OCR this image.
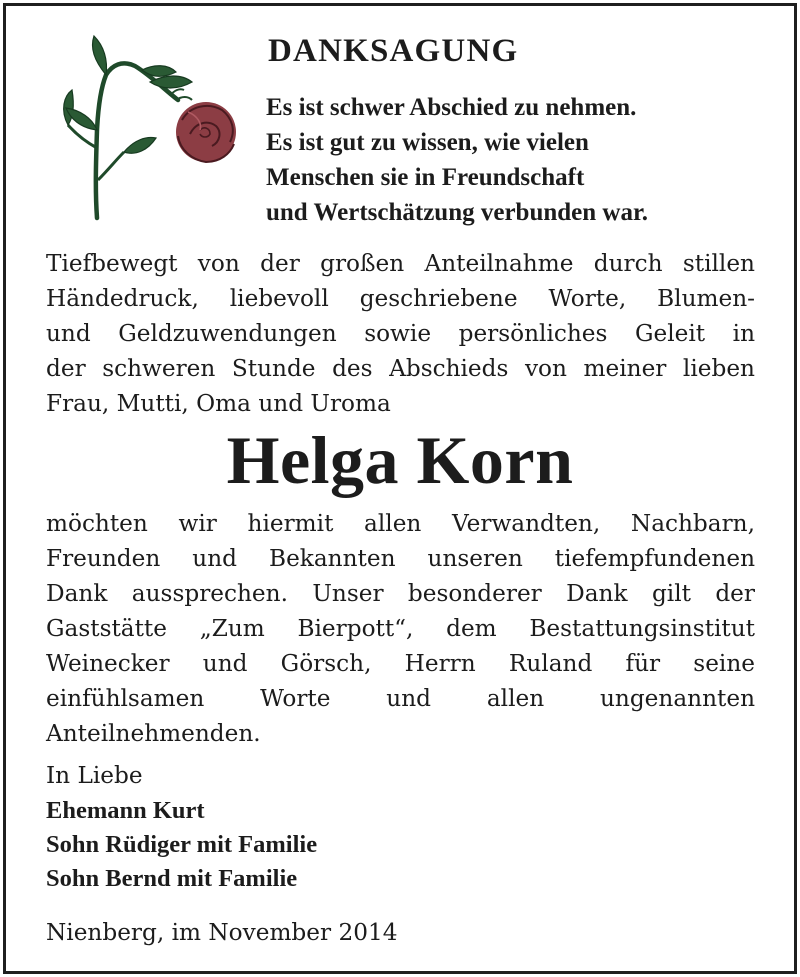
DANKSAGUNG
Es ist schwer Abschied zu nehmen.
Es ist gut zu wissen, wie vielen
Menschen sie in Freundschaft
und Wertschätzung verbunden war.
Tiefbewegt von der großen Anteilnahme durch stillen
Händedruck, liebevoll geschriebene Worte, Blumen-
und Geldzuwendungen sowie persönliches Geleit in
der schweren Stunde des Abschieds von meiner lieben
Frau, Mutti, Oma und Uroma
Helga Korn
möchten wir hiermit allen Verwandten, Nachbarn,
Freunden und Bekannten unseren tiefempfundenen
Dank aussprechen. Unser besonderer Dank gilt der
Gaststätte „Zum Bierpott“, dem Bestattungsinstitut
Weinecker und Görsch, Herrn Ruland für seine
einfühlsamen Worte und allen ungenannten
Anteilnehmenden.
In Liebe
Ehemann Kurt
Sohn Rüdiger mit Familie
Sohn Bernd mit Familie
Nienberg, im November 2014
